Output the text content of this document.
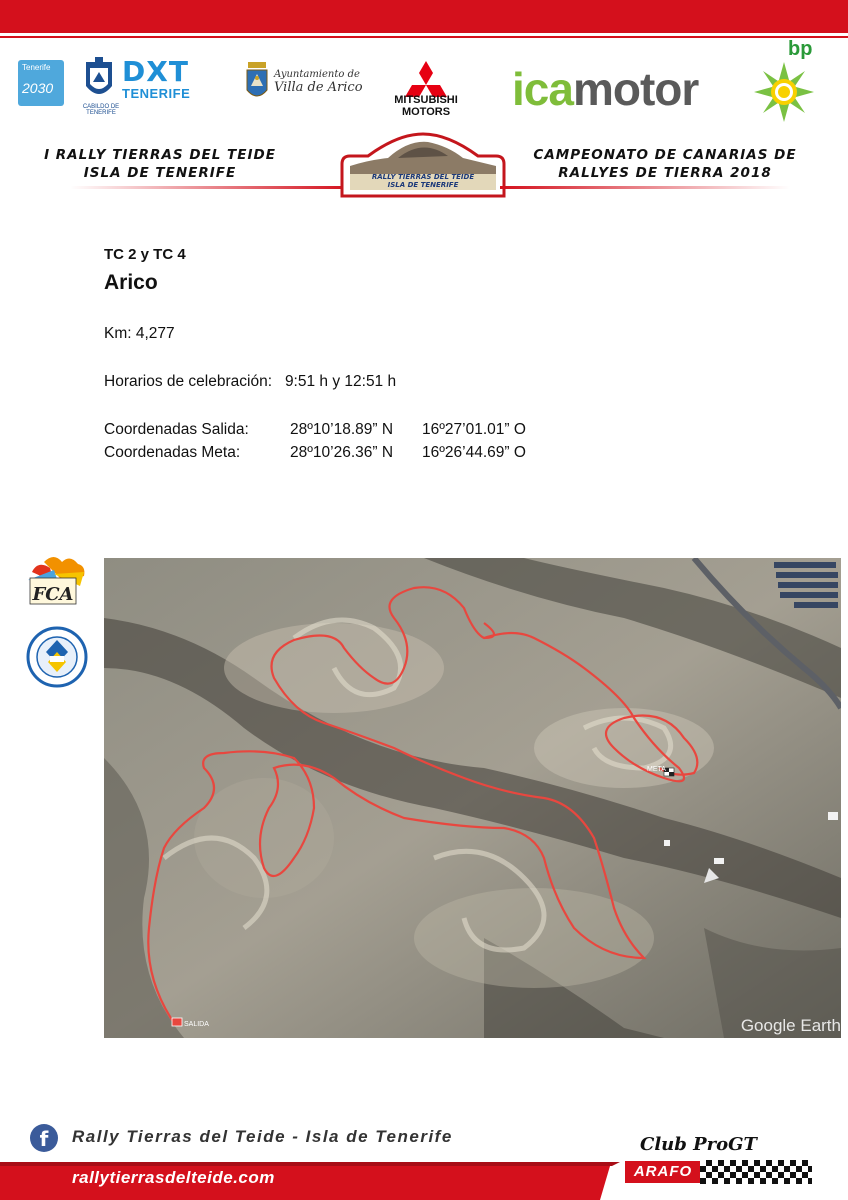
Tenerife
2030
CABILDO DE TENERIFE
DXT
TENERIFE
Ayuntamiento de
Villa de Arico
MITSUBISHI
MOTORS	icamotor
bp
I RALLY TIERRAS DEL TEIDE
ISLA DE TENERIFE	RALLY TIERRAS DEL TEIDE
ISLA DE TENERIFE
CAMPEONATO DE CANARIAS DE
RALLYES DE TIERRA 2018
TC 2 y TC 4
Arico
Km: 4,277
Horarios de celebración: 9:51 h y 12:51 h
Coordenadas Salida:	28º10’18.89” N 16º27’01.01” O
Coordenadas Meta:	28º10’26.36” N 16º26’44.69” O
FCA
META
SALIDA	Google Earth
f	Rally Tierras del Teide - Isla de Tenerife
rallytierrasdelteide.com
Club ProGT
ARAFO
